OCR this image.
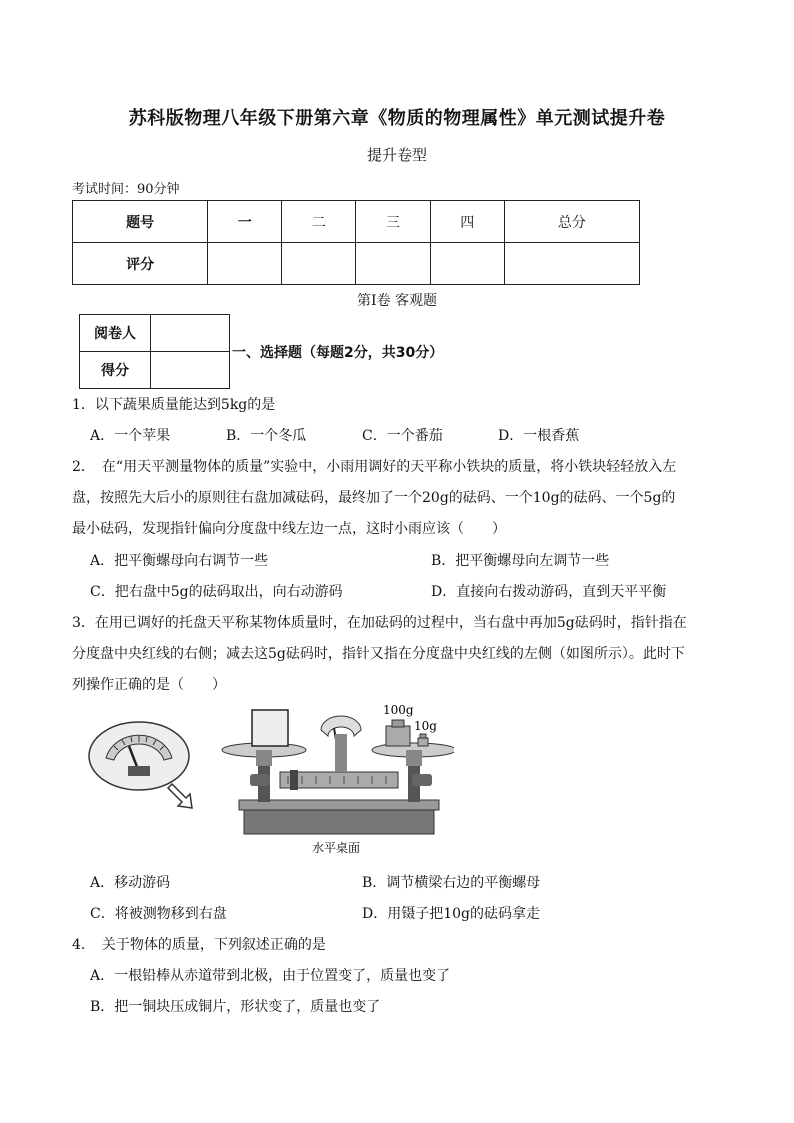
苏科版物理八年级下册第六章《物质的物理属性》单元测试提升卷
提升卷型
考试时间：90分钟
题号	一	二	三	四	总分
评分					
第Ⅰ卷 客观题
阅卷人	
得分	
一、选择题（每题2分，共30分）
1．以下蔬果质量能达到5kg的是
A．一个苹果	B．一个冬瓜	C．一个番茄	D．一根香蕉
2．　在“用天平测量物体的质量”实验中，小雨用调好的天平称小铁块的质量，将小铁块轻轻放入左
盘，按照先大后小的原则往右盘加减砝码，最终加了一个20g的砝码、一个10g的砝码、一个5g的
最小砝码，发现指针偏向分度盘中线左边一点，这时小雨应该（　　）
A．把平衡螺母向右调节一些	B．把平衡螺母向左调节一些
C．把右盘中5g的砝码取出，向右动游码	D．直接向右拨动游码，直到天平平衡
3．在用已调好的托盘天平称某物体质量时，在加砝码的过程中，当右盘中再加5g砝码时，指针指在
分度盘中央红线的右侧；减去这5g砝码时，指针又指在分度盘中央红线的左侧（如图所示）。此时下
列操作正确的是（　　）
100g
10g
水平桌面
A．移动游码	B．调节横梁右边的平衡螺母
C．将被测物移到右盘	D．用镊子把10g的砝码拿走
4．　关于物体的质量，下列叙述正确的是
A．一根铅棒从赤道带到北极，由于位置变了，质量也变了
B．把一铜块压成铜片，形状变了，质量也变了
